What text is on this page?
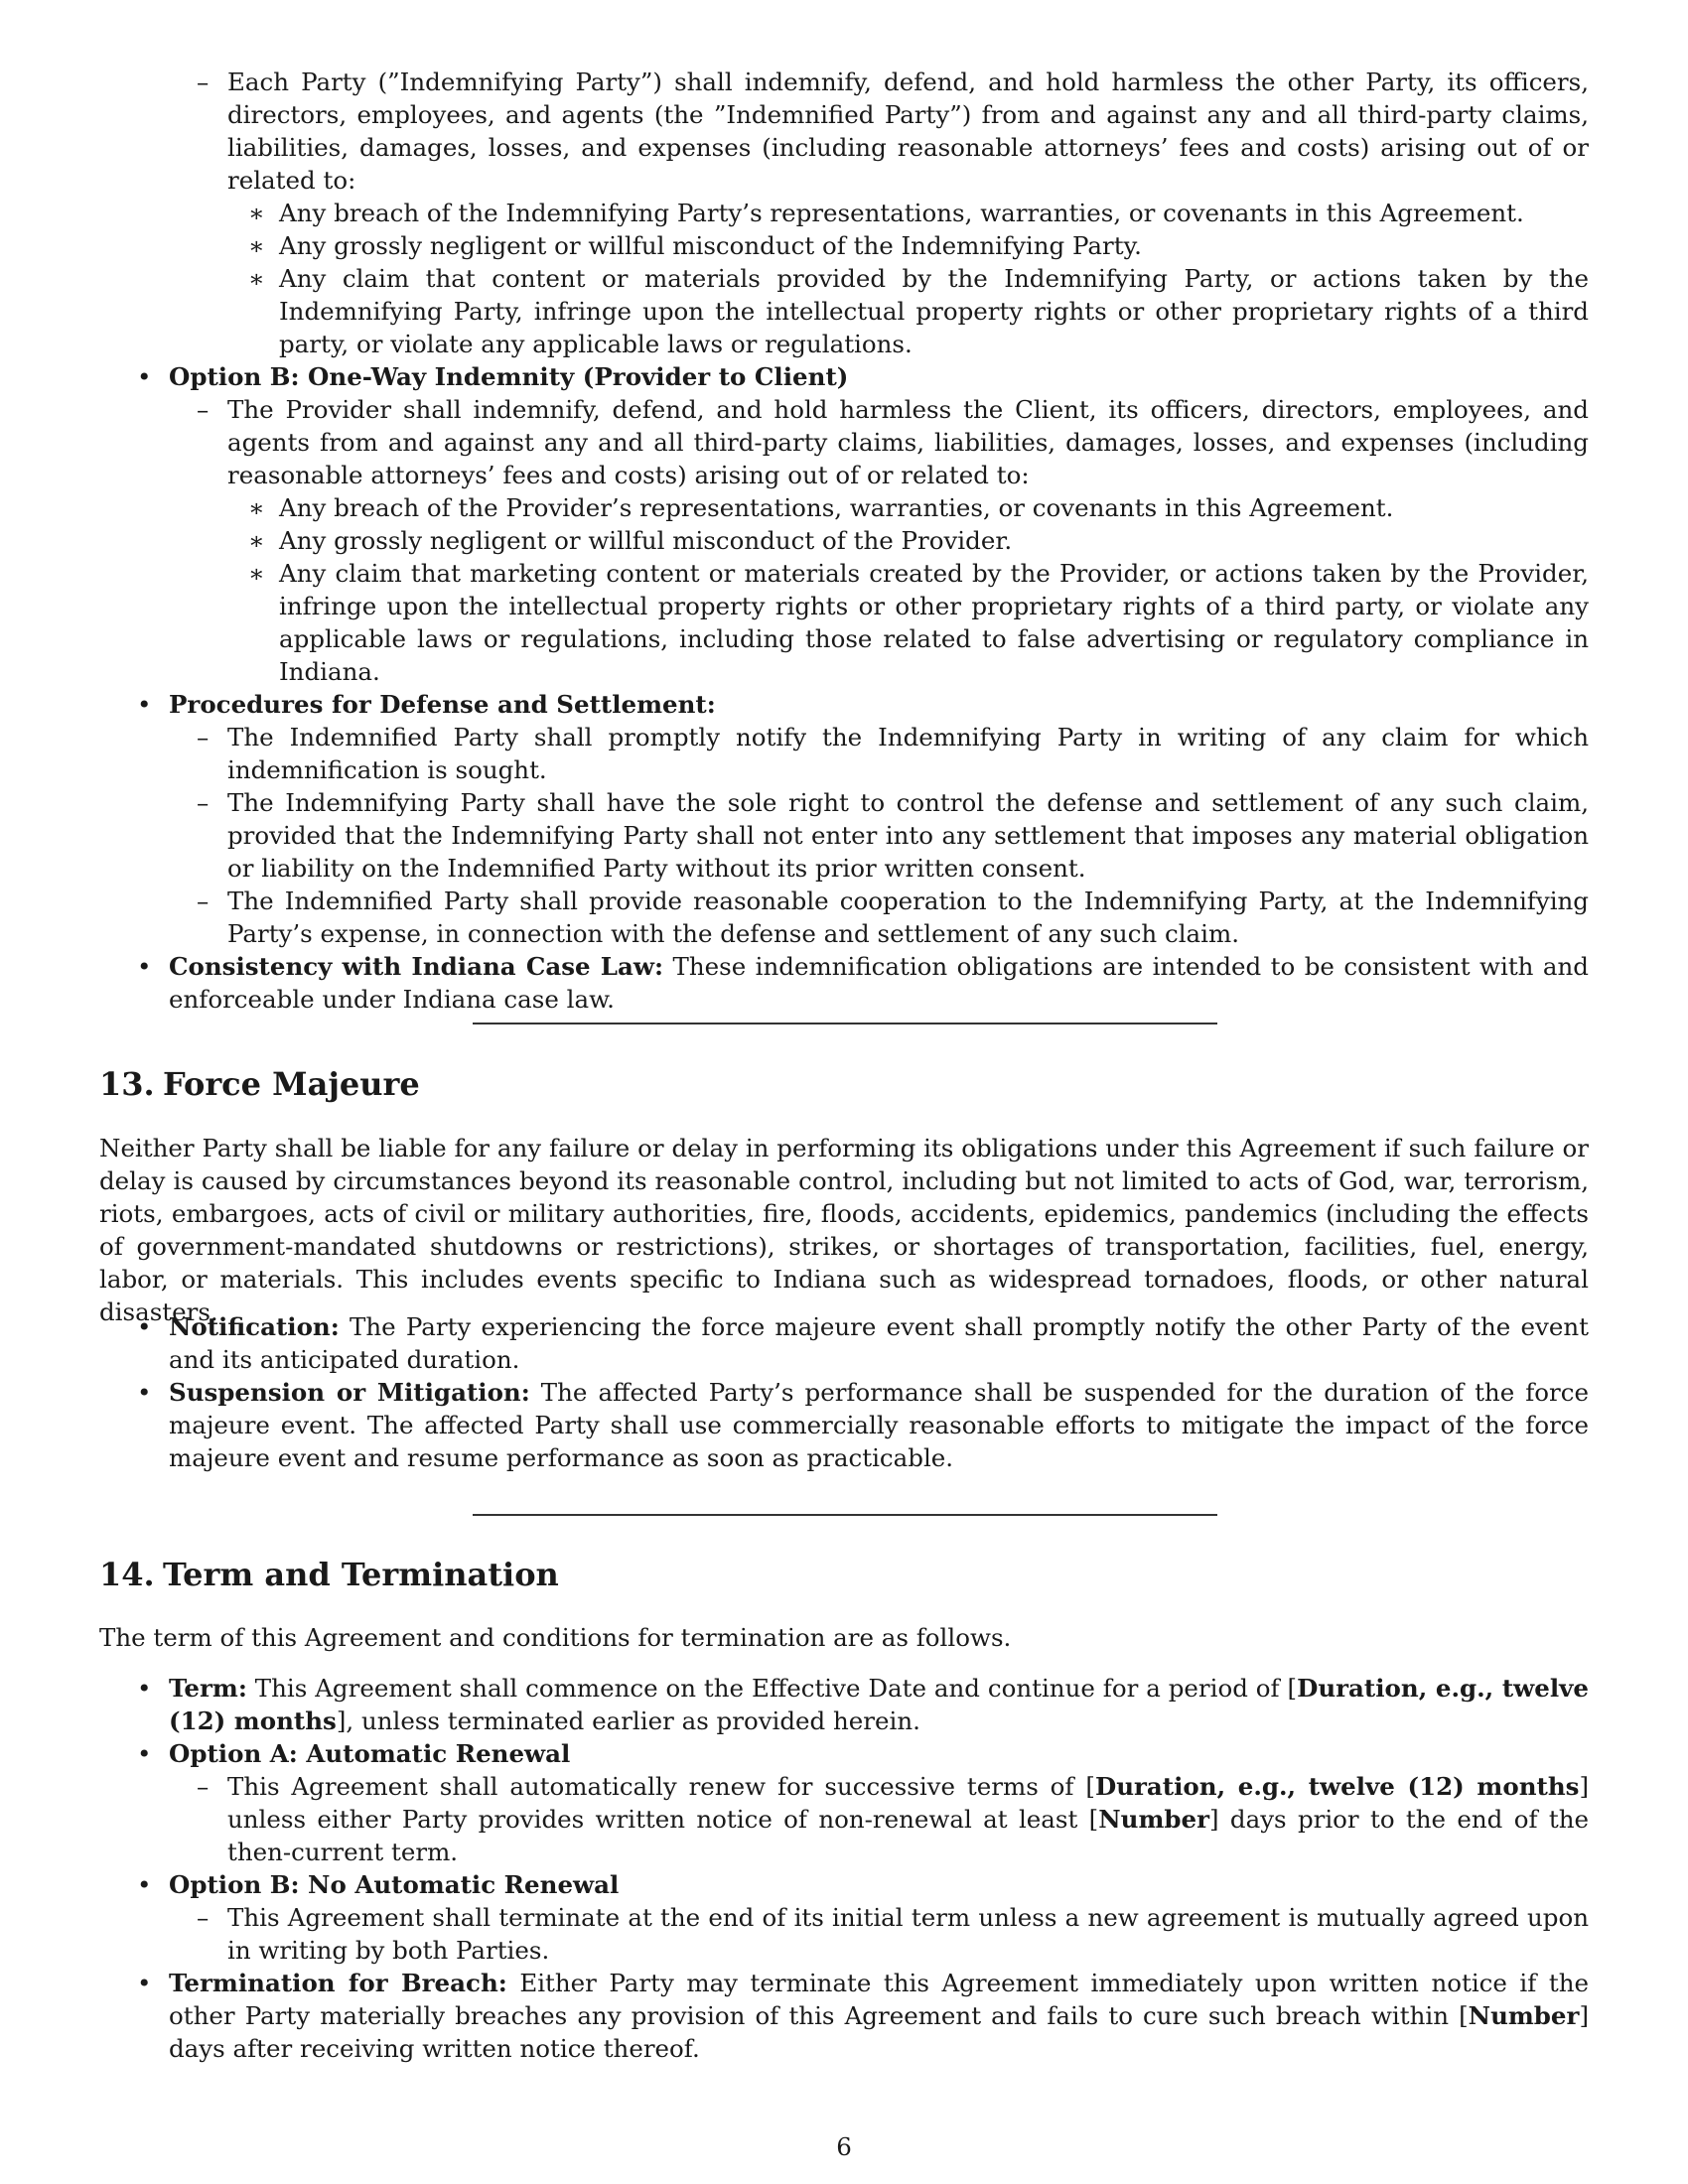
– Each Party (”Indemnifying Party”) shall indemnify, defend, and hold harmless the other Party, its officers, directors, employees, and agents (the ”Indemnified Party”) from and against any and all third-party claims, liabilities, damages, losses, and expenses (including reasonable attorneys’ fees and costs) arising out of or related to:
∗ Any breach of the Indemnifying Party’s representations, warranties, or covenants in this Agreement.
∗ Any grossly negligent or willful misconduct of the Indemnifying Party.
∗ Any claim that content or materials provided by the Indemnifying Party, or actions taken by the Indemnifying Party, infringe upon the intellectual property rights or other proprietary rights of a third party, or violate any applicable laws or regulations.
• Option B: One-Way Indemnity (Provider to Client)
– The Provider shall indemnify, defend, and hold harmless the Client, its officers, directors, employees, and agents from and against any and all third-party claims, liabilities, damages, losses, and expenses (including reasonable attorneys’ fees and costs) arising out of or related to:
∗ Any breach of the Provider’s representations, warranties, or covenants in this Agreement.
∗ Any grossly negligent or willful misconduct of the Provider.
∗ Any claim that marketing content or materials created by the Provider, or actions taken by the Provider, infringe upon the intellectual property rights or other proprietary rights of a third party, or violate any applicable laws or regulations, including those related to false advertising or regulatory compliance in Indiana.
• Procedures for Defense and Settlement:
– The Indemnified Party shall promptly notify the Indemnifying Party in writing of any claim for which indemnification is sought.
– The Indemnifying Party shall have the sole right to control the defense and settlement of any such claim, provided that the Indemnifying Party shall not enter into any settlement that imposes any material obligation or liability on the Indemnified Party without its prior written consent.
– The Indemnified Party shall provide reasonable cooperation to the Indemnifying Party, at the Indemnifying Party’s expense, in connection with the defense and settlement of any such claim.
• Consistency with Indiana Case Law: These indemnification obligations are intended to be consistent with and enforceable under Indiana case law.
13. Force Majeure

Neither Party shall be liable for any failure or delay in performing its obligations under this Agreement if such failure or delay is caused by circumstances beyond its reasonable control, including but not limited to acts of God, war, terrorism, riots, embargoes, acts of civil or military authorities, fire, floods, accidents, epidemics, pandemics (including the effects of government-mandated shutdowns or restrictions), strikes, or shortages of transportation, facilities, fuel, energy, labor, or materials. This includes events specific to Indiana such as widespread tornadoes, floods, or other natural disasters.

• Notification: The Party experiencing the force majeure event shall promptly notify the other Party of the event and its anticipated duration.
• Suspension or Mitigation: The affected Party’s performance shall be suspended for the duration of the force majeure event. The affected Party shall use commercially reasonable efforts to mitigate the impact of the force majeure event and resume performance as soon as practicable.
14. Term and Termination

The term of this Agreement and conditions for termination are as follows.

• Term: This Agreement shall commence on the Effective Date and continue for a period of [Duration, e.g., twelve (12) months], unless terminated earlier as provided herein.
• Option A: Automatic Renewal
– This Agreement shall automatically renew for successive terms of [Duration, e.g., twelve (12) months] unless either Party provides written notice of non-renewal at least [Number] days prior to the end of the then-current term.
• Option B: No Automatic Renewal
– This Agreement shall terminate at the end of its initial term unless a new agreement is mutually agreed upon in writing by both Parties.
• Termination for Breach: Either Party may terminate this Agreement immediately upon written notice if the other Party materially breaches any provision of this Agreement and fails to cure such breach within [Number] days after receiving written notice thereof.
6
